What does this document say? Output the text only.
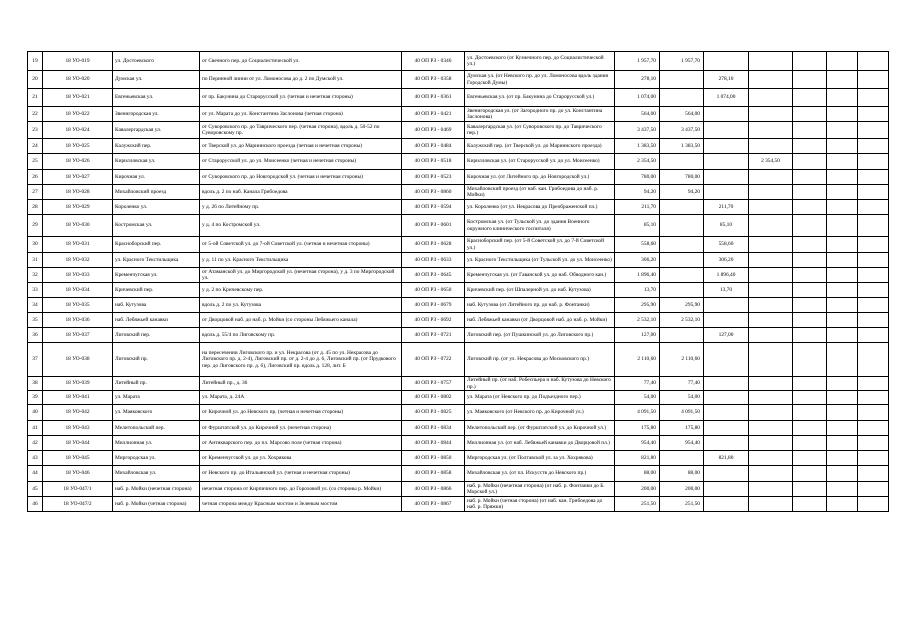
19	18 УО-019	ул. Достоевского	от Свечного пер. до Социалистической ул.	40 ОП РЗ - 0346	ул. Достоевского (от Кузнечного пер. до Социалистической ул.)	1 957,70	1 957,70					
20	18 УО-020	Думская ул.	по Перинной линии от ул. Ломоносова до д. 2 по Думской ул.	40 ОП РЗ - 0358	Думская ул. (от Невского пр. до ул. Ломоносова вдоль здания Городской Думы)	278,10		278,10				
21	18 УО-021	Евгеньевская ул.	от пр. Бакунина до Старорусской ул. (четная и нечетная стороны)	40 ОП РЗ - 0361	Евгеньевская ул. (от пр. Бакунина до Старорусской ул.)	1 074,00		1 074,00				
22	18 УО-022	Звенигородская ул.	от ул. Марата до ул. Константина Заслонова (четная сторона)	40 ОП РЗ - 0421	Звенигородская ул. (от Загородного пр. до ул. Константина Заслонова)	564,00	564,00					
23	18 УО-024	Кавалергардская ул.	от Суворовского пр. до Таврического пер. (четная сторона), вдоль д. 50-52 по Суворовскому пр.	40 ОП РЗ - 0469	Кавалергардская ул. (от Суворовского пр. до Таврического пер.)	3 437,50	3 437,50					
24	18 УО-025	Калужский пер.	от Тверской ул. до Мариинского проезда (четная и нечетная стороны)	40 ОП РЗ - 0484	Калужский пер. (от Тверской ул. до Мариинского проезда)	1 383,50	1 383,50					
25	18 УО-026	Кирилловская ул.	от Старорусской ул. до ул. Моисеенко (четная и нечетная стороны)	40 ОП РЗ - 0518	Кирилловская ул. (от Старорусской ул. до ул. Моисеенко)	2 354,50			2 354,50			
26	18 УО-027	Кирочная ул.	от Суворовского пр. до Новгородской ул. (четная и нечетная стороны)	40 ОП РЗ - 0523	Кирочная ул. (от Литейного пр. до Новгородской ул.)	780,00	780,00					
27	18 УО-028	Михайловский проезд	вдоль д. 2 по наб. Канала Грибоедова	40 ОП РЗ - 0860	Михайловский проезд (от наб. кан. Грибоедова до наб. р. Мойки)	94,20	94,20					
28	18 УО-029	Короленко ул.	у д. 26 по Литейному пр.	40 ОП РЗ - 0594	ул. Короленко (от ул. Некрасова до Преображенской пл.)	211,70		211,70				
29	18 УО-030	Костромская ул.	у д. 4 по Костромской ул.	40 ОП РЗ - 0601	Костромская ул. (от Тульской ул. до здания Военного окружного клинического госпиталя)	85,10		85,10				
30	18 УО-031	Красноборский пер.	от 5-ой Советской ул. до 7-ой Советской ул. (четная и нечетная стороны)	40 ОП РЗ - 0628	Красноборский пер. (от 5-й Советской ул. до 7-й Советской ул.)	558,60		558,60				
31	18 УО-032	ул. Красного Текстильщика	у д. 11 по ул. Красного Текстильщика	40 ОП РЗ - 0633	ул. Красного Текстильщика (от Тульской ул. до ул. Моисеенко)	306,20		306,20				
32	18 УО-033	Кременчугская ул.	от Атаманской ул. до Миргородской ул. (нечетная сторона), у д. 3 по Миргородской ул.	40 ОП РЗ - 0645	Кременчугская ул. (от Гаванской ул. до наб. Обводного кан.)	1 896,40		1 896,40				
33	18 УО-034	Кричевский пер.	у д. 2 по Кричевскому пер.	40 ОП РЗ - 0650	Кричевский пер. (от Шпалерной ул. до наб. Кутузова)	13,70		13,70				
34	18 УО-035	наб. Кутузова	вдоль д. 2 по ул. Кутузова	40 ОП РЗ - 0679	наб. Кутузова (от Литейного пр. до наб. р. Фонтанки)	295,90	295,90					
35	18 УО-036	наб. Лебяжьей канавки	от Дворцовой наб. до наб. р. Мойки (со стороны Лебяжьего канала)	40 ОП РЗ - 0692	наб. Лебяжьей канавки (от Дворцовой наб. до наб. р. Мойки)	2 532,10	2 532,10					
36	18 УО-037	Лиговский пер.	вдоль д. 55/4 по Лиговскому пр.	40 ОП РЗ - 0721	Лиговский пер. (от Пушкинской ул. до Лиговского пр.)	127,00		127,00				
37	18 УО-038	Лиговский пр.	на пересечении Лиговского пр. и ул. Некрасова (от д. 45 по ул. Некрасова до Лиговского пр. д. 2-4), Лиговский пр. от д. 2-4 до д. 6, Лиговский пр. (от Прудкового пер. до Лиговского пр. д. 6), Лиговский пр. вдоль д. 128, лит. Б	40 ОП РЗ - 0722	Лиговский пр. (от ул. Некрасова до Московского пр.)	2 110,60	2 110,60					
38	18 УО-039	Литейный пр.	Литейный пр., д. 36	40 ОП РЗ - 0757	Литейный пр. (от наб. Робеспьера и наб. Кутузова до Невского пр.)	77,40	77,40					
39	18 УО-041	ул. Марата	ул. Марата, д. 24А	40 ОП РЗ - 0802	ул. Марата (от Невского пр. до Подъездного пер.)	54,00	54,00					
40	18 УО-042	ул. Маяковского	от Кирочной ул. до Невского пр. (четная и нечетная стороны)	40 ОП РЗ - 0825	ул. Маяковского (от Невского пр. до Кирочной ул.)	4 091,50	4 091,50					
41	18 УО-043	Мелитопольский пер.	от Фурштатской ул. до Кирочной ул. (нечетная сторона)	40 ОП РЗ - 0834	Мелитопольский пер. (от Фурштатской ул. до Кирочной ул.)	175,80	175,80					
42	18 УО-044	Миллионная ул.	от Антикварского пер. до пл. Марсово поле (четная сторона)	40 ОП РЗ - 0844	Миллионная ул. (от наб. Лебяжьей канавки до Дворцовой пл.)	954,40	954,40					
43	18 УО-045	Миргородская ул.	от Кременчугской ул. до ул. Хохрякова	40 ОП РЗ - 0850	Миргородская ул. (от Полтавской ул. за ул. Хохрякова)	821,80		821,80				
44	18 УО-046	Михайловская ул.	от Невского пр. до Итальянской ул. (четная и нечетная стороны)	40 ОП РЗ - 0858	Михайловская ул. (от пл. Искусств до Невского пр.)	88,00	88,00					
45	18 УО-047/1	наб. р. Мойки (нечетная сторона)	нечетная сторона от Кирпичного пер. до Гороховой ул. (со стороны р. Мойки)	40 ОП РЗ - 0866	наб. р. Мойки (нечетная сторона) (от наб. р. Фонтанки до Б. Морской ул.)	200,00	200,00					
46	18 УО-047/2	наб. р. Мойки (четная сторона)	четная сторона между Красным мостом и Зеленым мостом	40 ОП РЗ - 0867	наб. р. Мойки (четная сторона) (от наб. кан. Грибоедова до наб. р. Пряжки)	251,50	251,50					
